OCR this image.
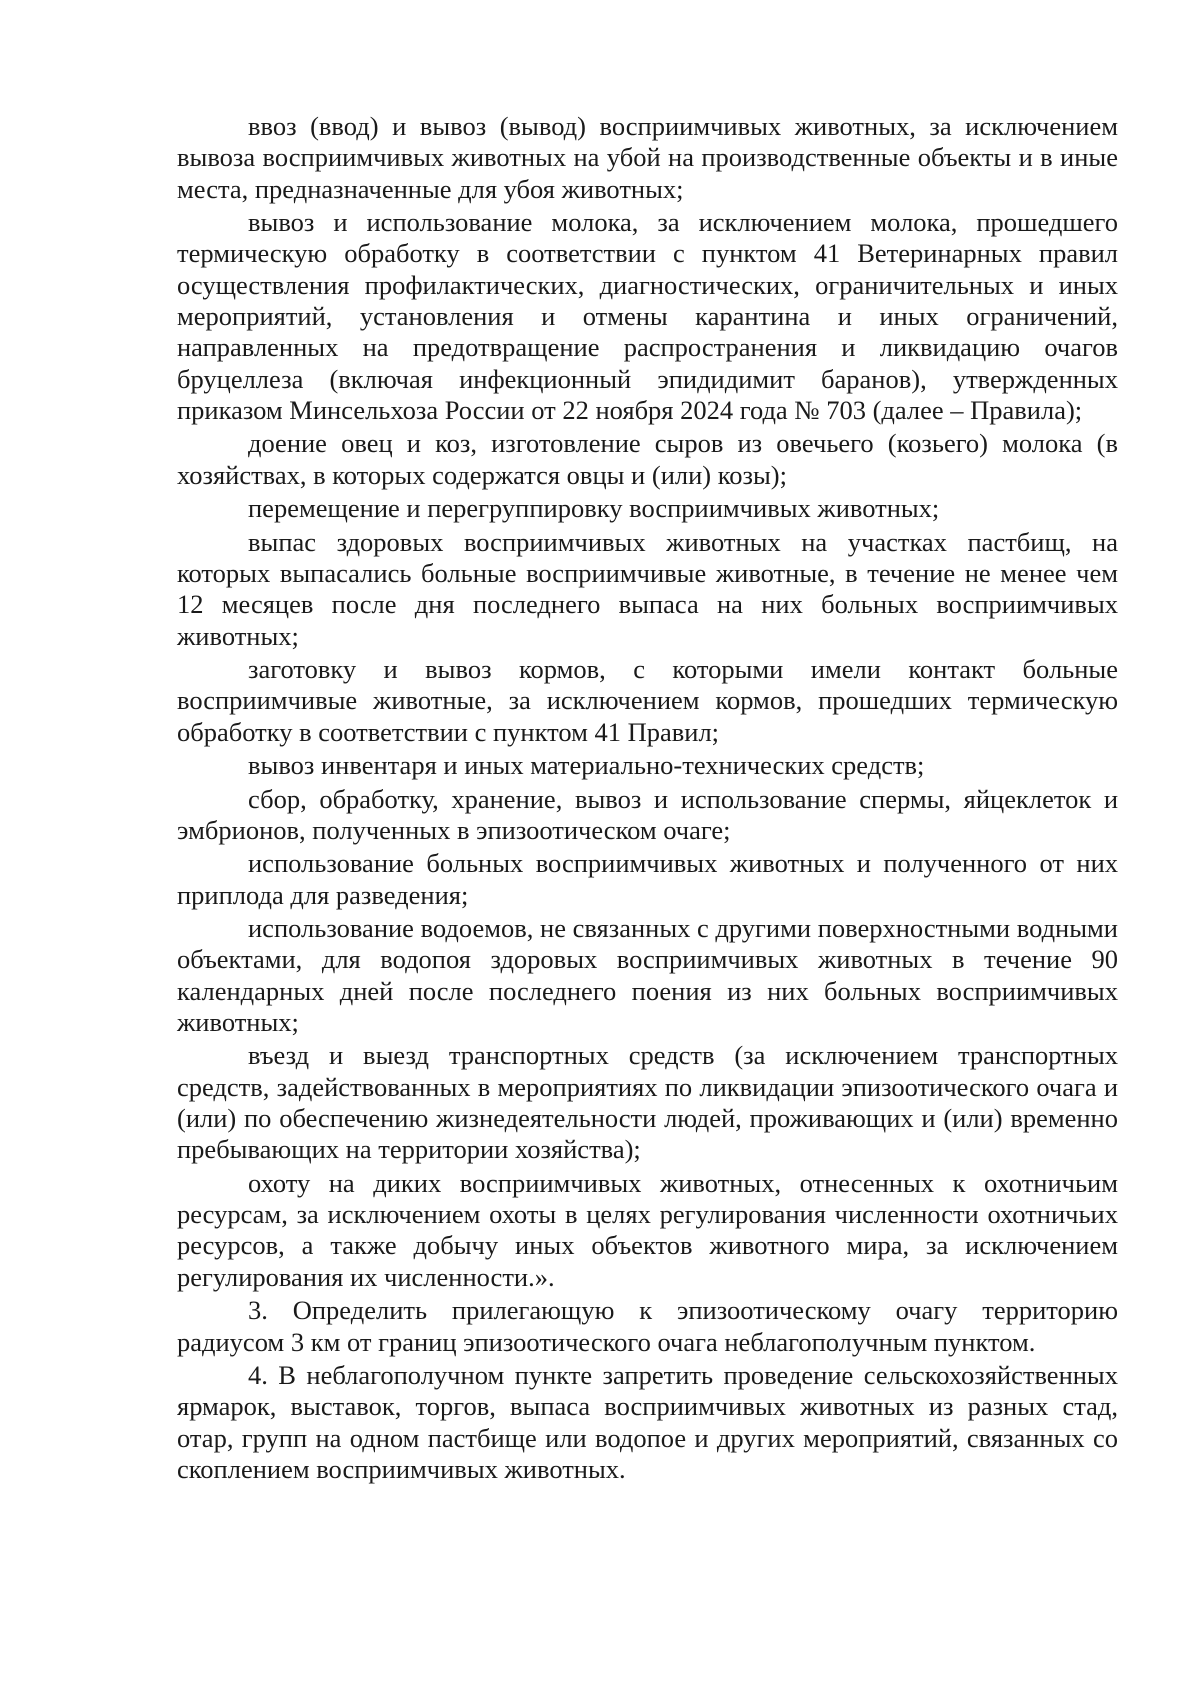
ввоз (ввод) и вывоз (вывод) восприимчивых животных, за исключением вывоза восприимчивых животных на убой на производственные объекты и в иные места, предназначенные для убоя животных;

вывоз и использование молока, за исключением молока, прошедшего термическую обработку в соответствии с пунктом 41 Ветеринарных правил осуществления профилактических, диагностических, ограничительных и иных мероприятий, установления и отмены карантина и иных ограничений, направленных на предотвращение распространения и ликвидацию очагов бруцеллеза (включая инфекционный эпидидимит баранов), утвержденных приказом Минсельхоза России от 22 ноября 2024 года № 703 (далее – Правила);

доение овец и коз, изготовление сыров из овечьего (козьего) молока (в хозяйствах, в которых содержатся овцы и (или) козы);

перемещение и перегруппировку восприимчивых животных;

выпас здоровых восприимчивых животных на участках пастбищ, на которых выпасались больные восприимчивые животные, в течение не менее чем 12 месяцев после дня последнего выпаса на них больных восприимчивых животных;

заготовку и вывоз кормов, с которыми имели контакт больные восприимчивые животные, за исключением кормов, прошедших термическую обработку в соответствии с пунктом 41 Правил;

вывоз инвентаря и иных материально-технических средств;

сбор, обработку, хранение, вывоз и использование спермы, яйцеклеток и эмбрионов, полученных в эпизоотическом очаге;

использование больных восприимчивых животных и полученного от них приплода для разведения;

использование водоемов, не связанных с другими поверхностными водными объектами, для водопоя здоровых восприимчивых животных в течение 90 календарных дней после последнего поения из них больных восприимчивых животных;

въезд и выезд транспортных средств (за исключением транспортных средств, задействованных в мероприятиях по ликвидации эпизоотического очага и (или) по обеспечению жизнедеятельности людей, проживающих и (или) временно пребывающих на территории хозяйства);

охоту на диких восприимчивых животных, отнесенных к охотничьим ресурсам, за исключением охоты в целях регулирования численности охотничьих ресурсов, а также добычу иных объектов животного мира, за исключением регулирования их численности.».

3. Определить прилегающую к эпизоотическому очагу территорию радиусом 3 км от границ эпизоотического очага неблагополучным пунктом.

4. В неблагополучном пункте запретить проведение сельскохозяйственных ярмарок, выставок, торгов, выпаса восприимчивых животных из разных стад, отар, групп на одном пастбище или водопое и других мероприятий, связанных со скоплением восприимчивых животных.
